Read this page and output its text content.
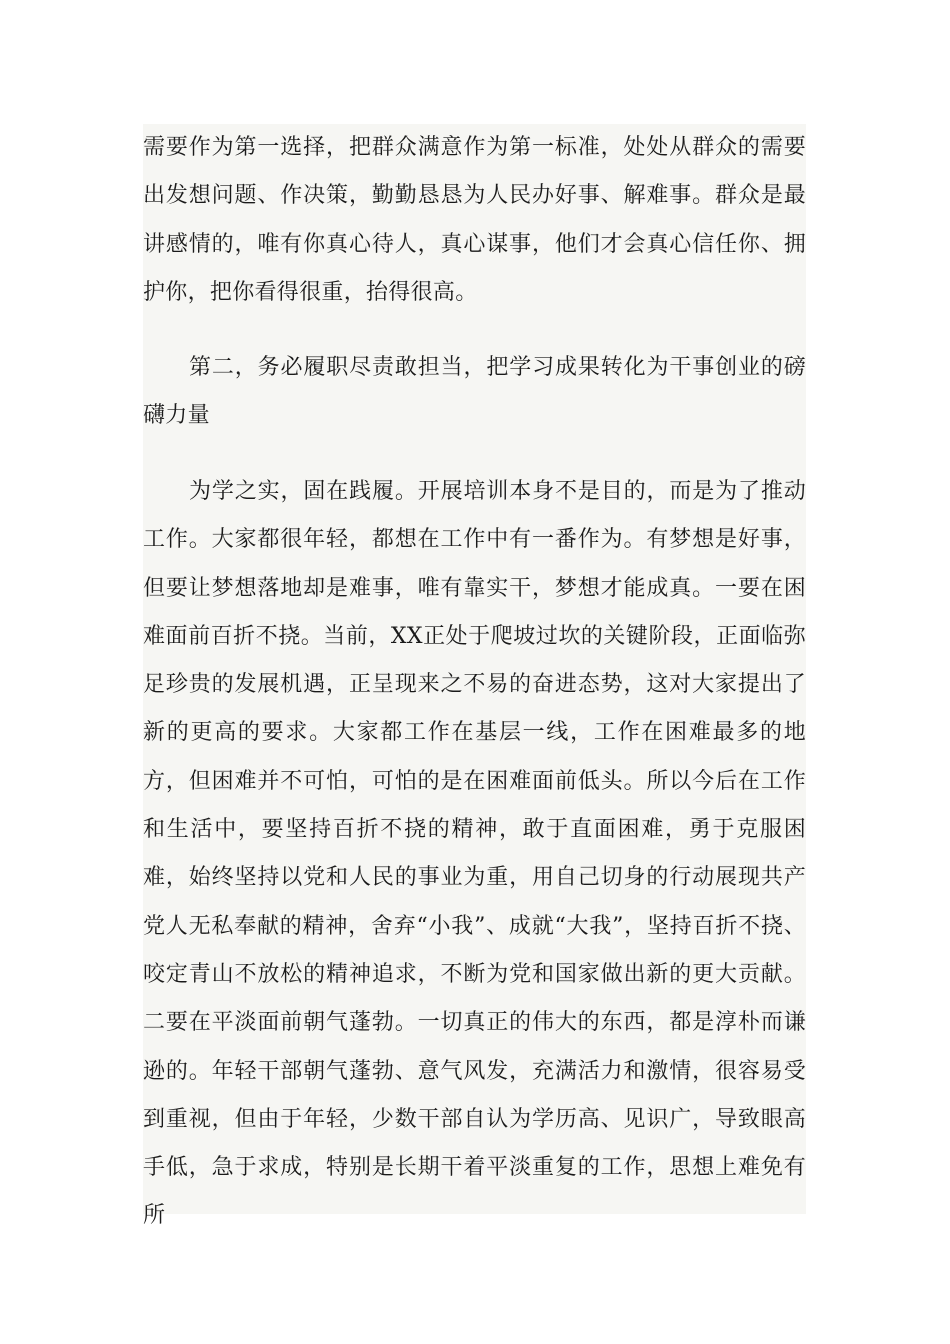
需要作为第一选择，把群众满意作为第一标准，处处从群众的需要出发想问题、作决策，勤勤恳恳为人民办好事、解难事。群众是最讲感情的，唯有你真心待人，真心谋事，他们才会真心信任你、拥护你，把你看得很重，抬得很高。

第二，务必履职尽责敢担当，把学习成果转化为干事创业的磅礴力量

为学之实，固在践履。开展培训本身不是目的，而是为了推动工作。大家都很年轻，都想在工作中有一番作为。有梦想是好事，但要让梦想落地却是难事，唯有靠实干，梦想才能成真。一要在困难面前百折不挠。当前，XX正处于爬坡过坎的关键阶段，正面临弥足珍贵的发展机遇，正呈现来之不易的奋进态势，这对大家提出了新的更高的要求。大家都工作在基层一线，工作在困难最多的地方，但困难并不可怕，可怕的是在困难面前低头。所以今后在工作和生活中，要坚持百折不挠的精神，敢于直面困难，勇于克服困难，始终坚持以党和人民的事业为重，用自己切身的行动展现共产党人无私奉献的精神，舍弃“小我”、成就“大我”，坚持百折不挠、咬定青山不放松的精神追求，不断为党和国家做出新的更大贡献。二要在平淡面前朝气蓬勃。一切真正的伟大的东西，都是淳朴而谦逊的。年轻干部朝气蓬勃、意气风发，充满活力和激情，很容易受到重视，但由于年轻，少数干部自认为学历高、见识广，导致眼高手低，急于求成，特别是长期干着平淡重复的工作，思想上难免有所
